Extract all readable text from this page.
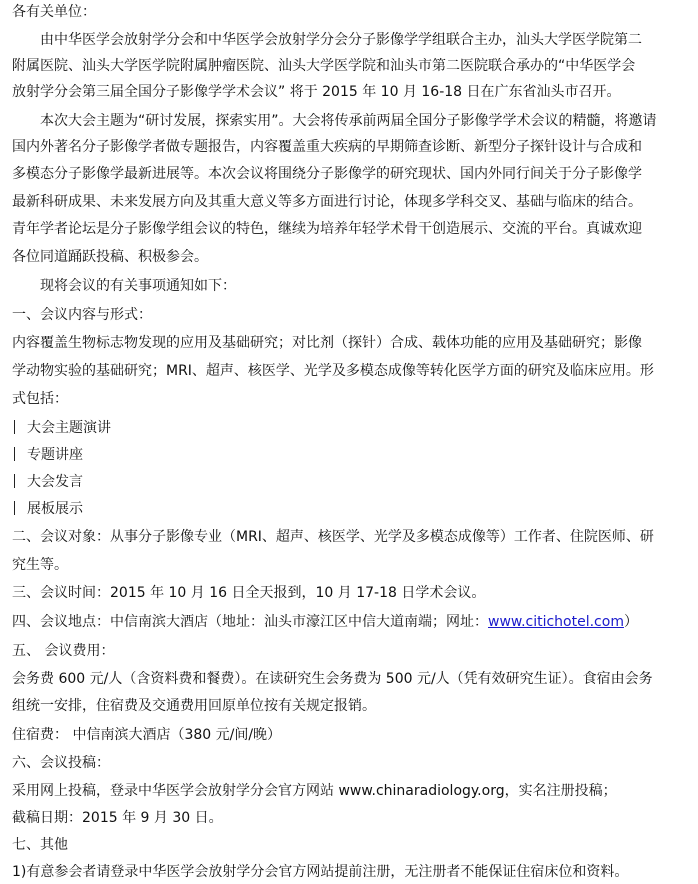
各有关单位：
由中华医学会放射学分会和中华医学会放射学分会分子影像学学组联合主办，汕头大学医学院第二
附属医院、汕头大学医学院附属肿瘤医院、汕头大学医学院和汕头市第二医院联合承办的“中华医学会
放射学分会第三届全国分子影像学学术会议” 将于 2015 年 10 月 16-18 日在广东省汕头市召开。
本次大会主题为“研讨发展，探索实用”。大会将传承前两届全国分子影像学学术会议的精髓，将邀请
国内外著名分子影像学者做专题报告，内容覆盖重大疾病的早期筛查诊断、新型分子探针设计与合成和
多模态分子影像学最新进展等。本次会议将围绕分子影像学的研究现状、国内外同行间关于分子影像学
最新科研成果、未来发展方向及其重大意义等多方面进行讨论，体现多学科交叉、基础与临床的结合。
青年学者论坛是分子影像学组会议的特色，继续为培养年轻学术骨干创造展示、交流的平台。真诚欢迎
各位同道踊跃投稿、积极参会。
现将会议的有关事项通知如下：
一、会议内容与形式：
内容覆盖生物标志物发现的应用及基础研究；对比剂（探针）合成、载体功能的应用及基础研究；影像
学动物实验的基础研究；MRI、超声、核医学、光学及多模态成像等转化医学方面的研究及临床应用。形
式包括：
大会主题演讲
专题讲座
大会发言
展板展示
二、会议对象：从事分子影像专业（MRI、超声、核医学、光学及多模态成像等）工作者、住院医师、研
究生等。
三、会议时间：2015 年 10 月 16 日全天报到，10 月 17-18 日学术会议。
四、会议地点：中信南滨大酒店（地址：汕头市濠江区中信大道南端；网址：www.citichotel.com）
五、 会议费用：
会务费 600 元/人（含资料费和餐费）。在读研究生会务费为 500 元/人（凭有效研究生证）。食宿由会务
组统一安排，住宿费及交通费用回原单位按有关规定报销。
住宿费： 中信南滨大酒店（380 元/间/晚）
六、会议投稿：
采用网上投稿，登录中华医学会放射学分会官方网站 www.chinaradiology.org，实名注册投稿；
截稿日期：2015 年 9 月 30 日。
七、其他
1)有意参会者请登录中华医学会放射学分会官方网站提前注册，无注册者不能保证住宿床位和资料。
